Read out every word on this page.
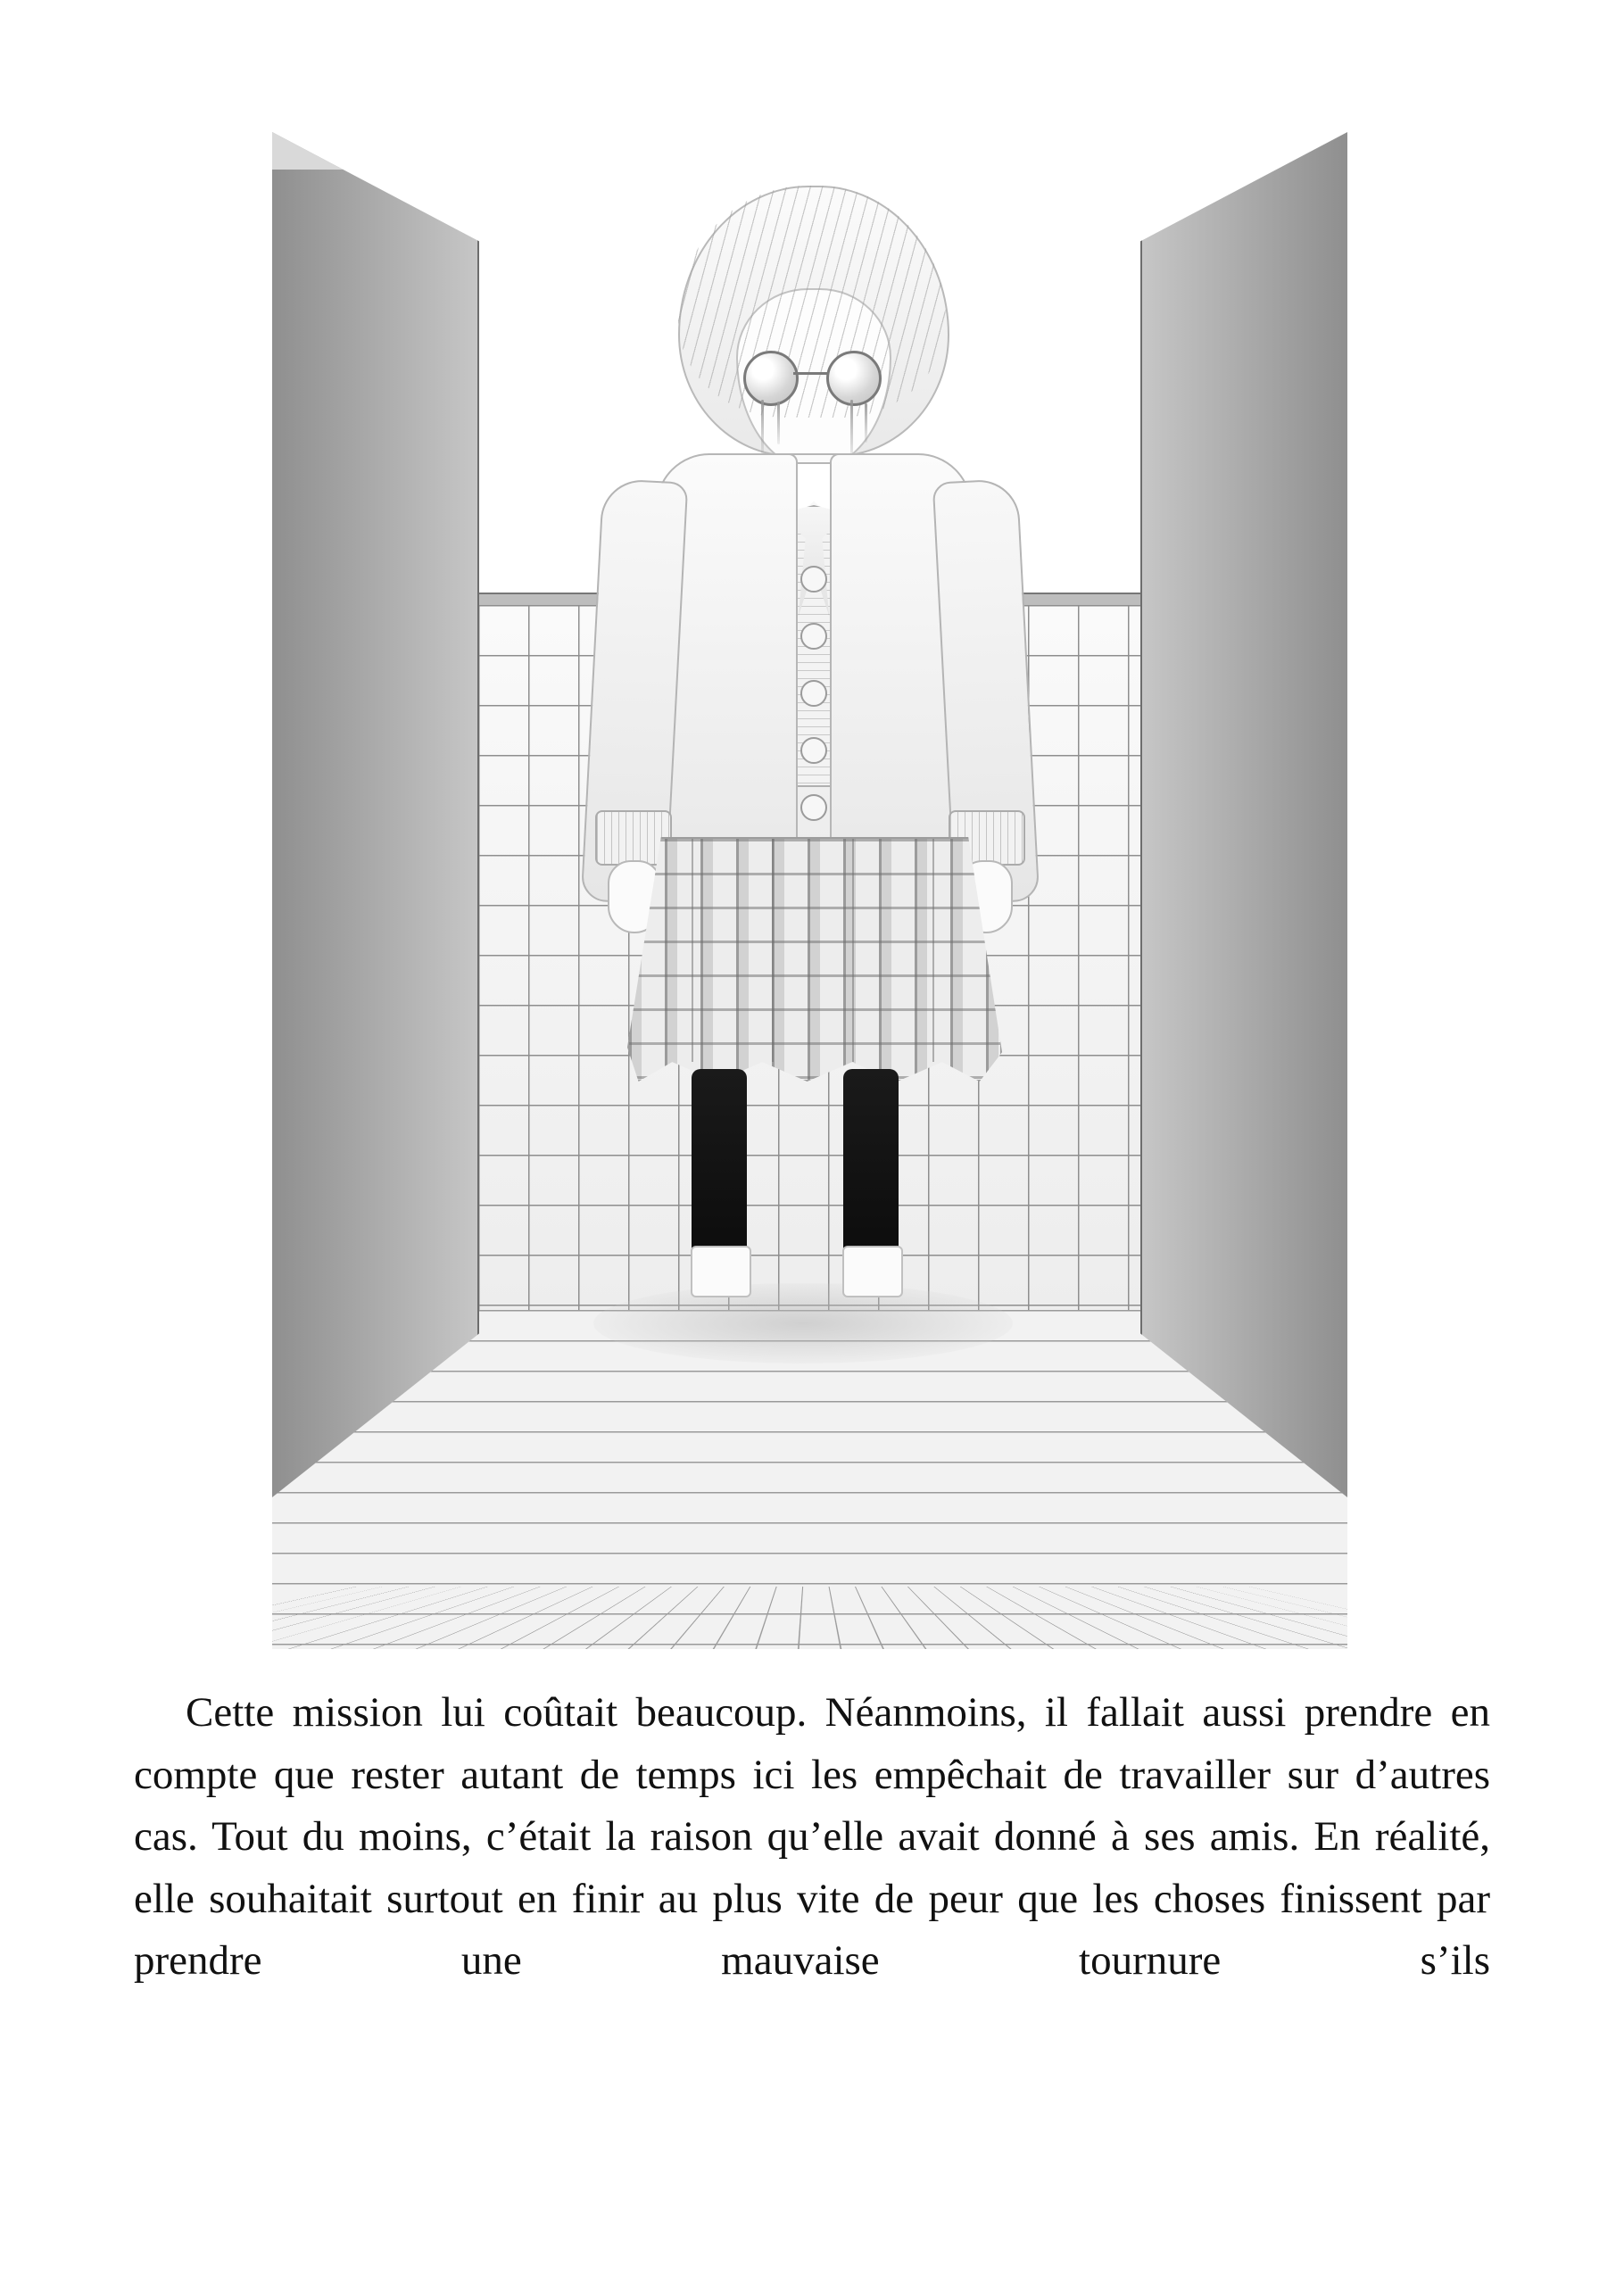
Cette mission lui coûtait beaucoup. Néanmoins, il fallait aussi prendre en compte que rester autant de temps ici les empêchait de travailler sur d’autres cas. Tout du moins, c’était la raison qu’elle avait donné à ses amis. En réalité, elle souhaitait surtout en finir au plus vite de peur que les choses finissent par prendre une mauvaise tournure s’ils
